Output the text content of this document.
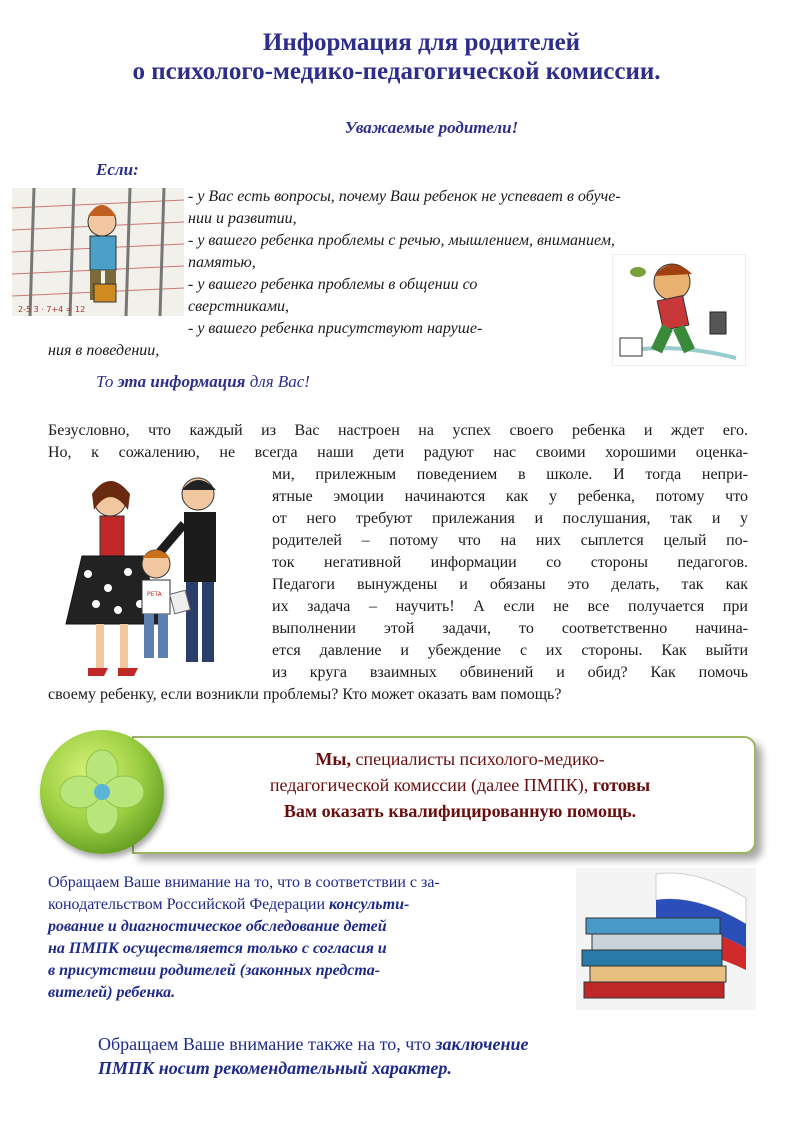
Информация для родителей
о психолого-медико-педагогической комиссии.
Уважаемые родители!
Если:
2-5 3 · 7+4 = 12
- у Вас есть вопросы, почему Ваш ребенок не успевает в обуче-
нии и развитии,
- у вашего ребенка проблемы с речью, мышлением, вниманием,
памятью,
- у вашего ребенка проблемы в общении со
сверстниками,
- у вашего ребенка присутствуют наруше-
ния в поведении,
То эта информация для Вас!
Безусловно, что каждый из Вас настроен на успех своего ребенка и ждет его.
Но, к сожалению, не всегда наши дети радуют нас своими хорошими оценка-
ми, прилежным поведением в школе. И тогда непри-
ятные эмоции начинаются как у ребенка, потому что
от него требуют прилежания и послушания, так и у
родителей – потому что на них сыплется целый по-
ток негативной информации со стороны педагогов.
Педагоги вынуждены и обязаны это делать, так как
их задача – научить! А если не все получается при
выполнении этой задачи, то соответственно начина-
ется давление и убеждение с их стороны. Как выйти
из круга взаимных обвинений и обид? Как помочь
своему ребенку, если возникли проблемы? Кто может оказать вам помощь?
PETA
Мы, специалисты психолого-медико-
педагогической комиссии (далее ПМПК), готовы
Вам оказать квалифицированную помощь.
Обращаем Ваше внимание на то, что в соответствии с за-
конодательством Российской Федерации консульти-
рование и диагностическое обследование детей
на ПМПК осуществляется только с согласия и
в присутствии родителей (законных предста-
вителей) ребенка.
Обращаем Ваше внимание также на то, что заключение
ПМПК носит рекомендательный характер.
